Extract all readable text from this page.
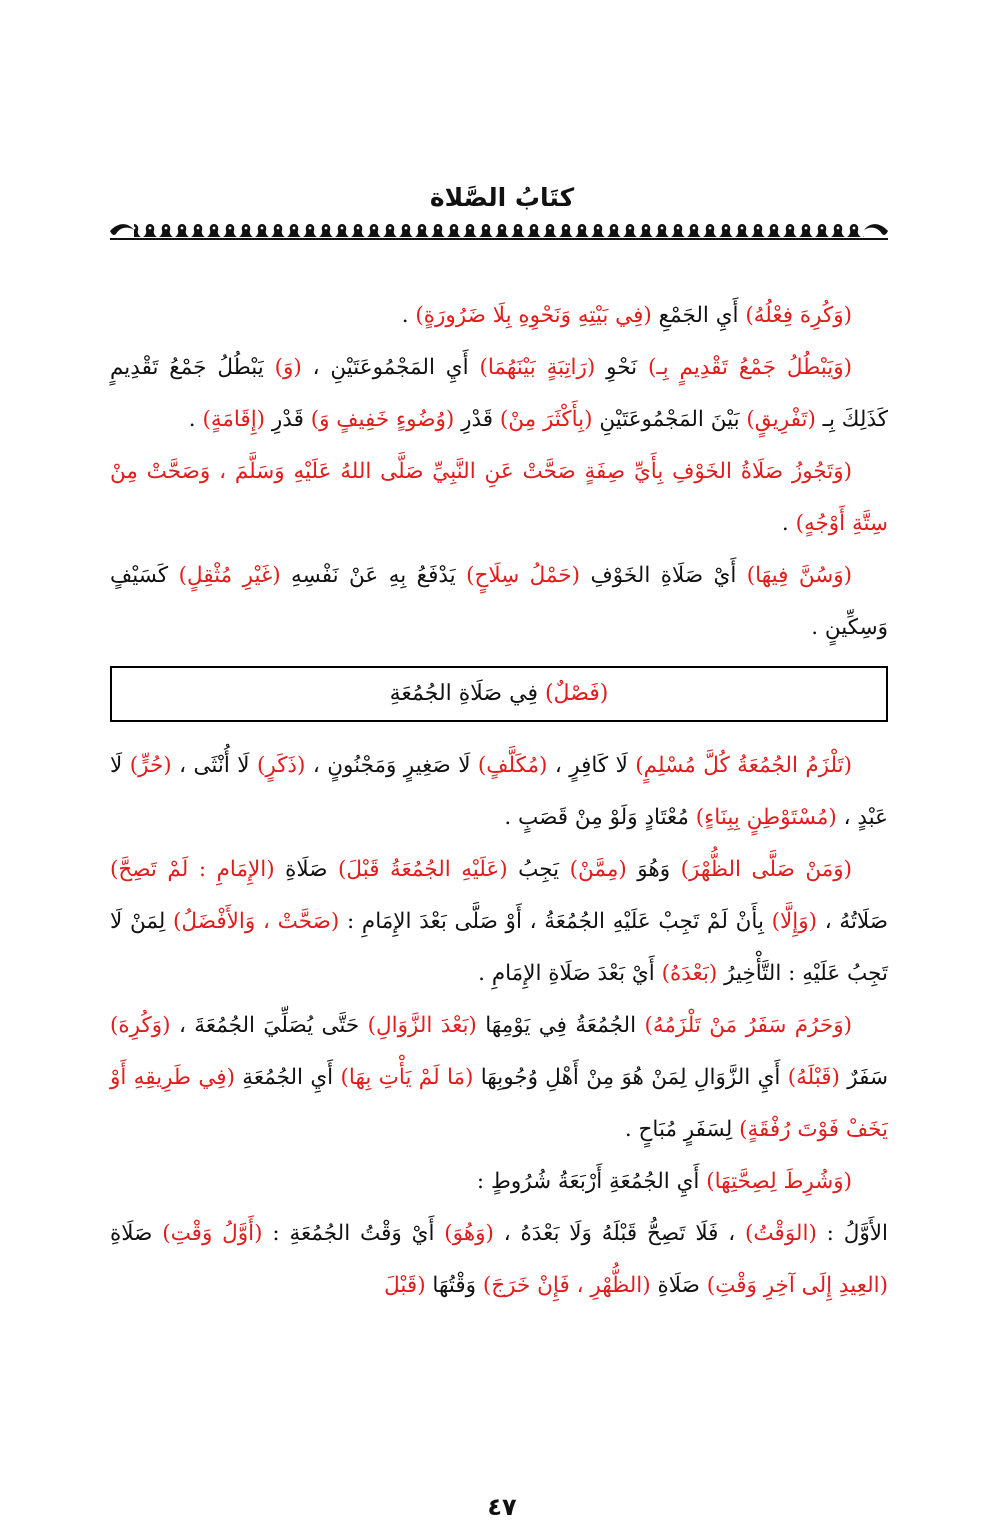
كتَابُ الصَّلاة

(وَكُرِهَ فِعْلُهُ) أَيِ الجَمْعِ (فِي بَيْتِهِ وَنَحْوِهِ بِلَا ضَرُورَةٍ) .

(وَيَبْطُلُ جَمْعُ تَقْدِيمٍ بِـ) نَحْوِ (رَاتِبَةٍ بَيْنَهُمَا) أَيِ المَجْمُوعَتَيْنِ ، (وَ) يَبْطُلُ جَمْعُ تَقْدِيمٍ كَذَلِكَ بِـ (تَفْرِيقٍ) بَيْنَ المَجْمُوعَتَيْنِ (بِأَكْثَرَ مِنْ) قَدْرِ (وُضُوءٍ خَفِيفٍ وَ) قَدْرِ (إِقَامَةٍ) .

(وَتَجُوزُ صَلَاةُ الخَوْفِ بِأَيِّ صِفَةٍ صَحَّتْ عَنِ النَّبِيِّ صَلَّى اللهُ عَلَيْهِ وَسَلَّمَ ، وَصَحَّتْ مِنْ سِتَّةِ أَوْجُهٍ) .

(وَسُنَّ فِيهَا) أَيْ صَلَاةِ الخَوْفِ (حَمْلُ سِلَاحٍ) يَدْفَعُ بِهِ عَنْ نَفْسِهِ (غَيْرِ مُثْقِلٍ) كَسَيْفٍ وَسِكِّينٍ .

(فَصْلٌ) فِي صَلَاةِ الجُمُعَةِ

(تَلْزَمُ الجُمُعَةُ كُلَّ مُسْلِمٍ) لَا كَافِرٍ ، (مُكَلَّفٍ) لَا صَغِيرٍ وَمَجْنُونٍ ، (ذَكَرٍ) لَا أُنْثَى ، (حُرٍّ) لَا عَبْدٍ ، (مُسْتَوْطِنٍ بِبِنَاءٍ) مُعْتَادٍ وَلَوْ مِنْ قَصَبٍ .

(وَمَنْ صَلَّى الظُّهْرَ) وَهُوَ (مِمَّنْ) يَجِبُ (عَلَيْهِ الجُمُعَةُ قَبْلَ) صَلَاةِ (الإِمَامِ : لَمْ تَصِحَّ) صَلَاتُهُ ، (وَإِلَّا) بِأَنْ لَمْ تَجِبْ عَلَيْهِ الجُمُعَةُ ، أَوْ صَلَّى بَعْدَ الإِمَامِ : (صَحَّتْ ، وَالأَفْضَلُ) لِمَنْ لَا تَجِبُ عَلَيْهِ : التَّأْخِيرُ (بَعْدَهُ) أَيْ بَعْدَ صَلَاةِ الإِمَامِ .

(وَحَرُمَ سَفَرُ مَنْ تَلْزَمُهُ) الجُمُعَةُ فِي يَوْمِهَا (بَعْدَ الزَّوَالِ) حَتَّى يُصَلِّيَ الجُمُعَةَ ، (وَكُرِهَ) سَفَرٌ (قَبْلَهُ) أَيِ الزَّوَالِ لِمَنْ هُوَ مِنْ أَهْلِ وُجُوبِهَا (مَا لَمْ يَأْتِ بِهَا) أَيِ الجُمُعَةِ (فِي طَرِيقِهِ أَوْ يَخَفْ فَوْتَ رُفْقَةٍ) لِسَفَرٍ مُبَاحٍ .

(وَشُرِطَ لِصِحَّتِهَا) أَيِ الجُمُعَةِ أَرْبَعَةُ شُرُوطٍ :

الأَوَّلُ : (الوَقْتُ) ، فَلَا تَصِحُّ قَبْلَهُ وَلَا بَعْدَهُ ، (وَهُوَ) أَيْ وَقْتُ الجُمُعَةِ : (أَوَّلُ وَقْتِ) صَلَاةِ (العِيدِ إِلَى آخِرِ وَقْتِ) صَلَاةِ (الظُّهْرِ ، فَإِنْ خَرَجَ) وَقْتُهَا (قَبْلَ

٤٧
